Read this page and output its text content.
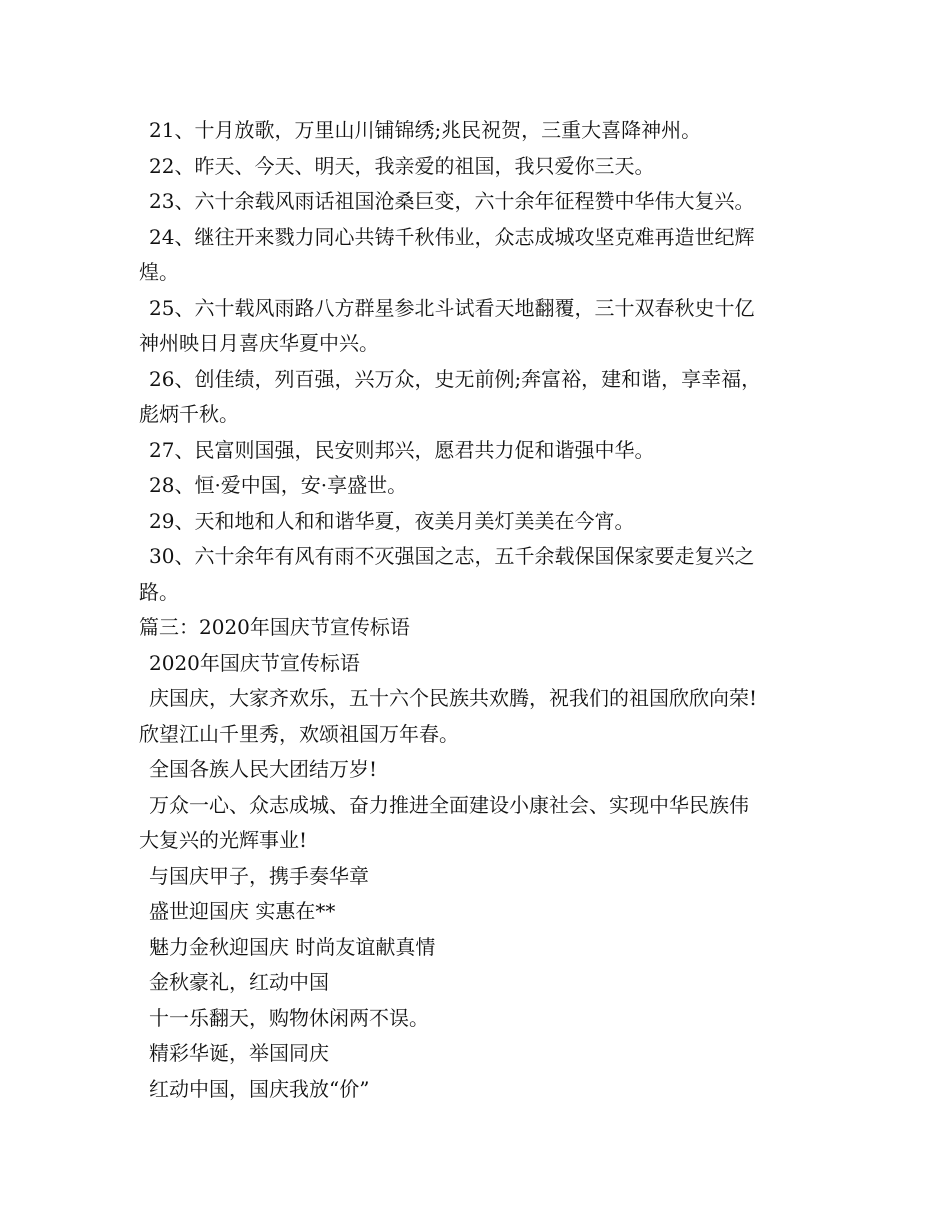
21、十月放歌，万里山川铺锦绣;兆民祝贺，三重大喜降神州。
22、昨天、今天、明天，我亲爱的祖国，我只爱你三天。
23、六十余载风雨话祖国沧桑巨变，六十余年征程赞中华伟大复兴。
24、继往开来戮力同心共铸千秋伟业，众志成城攻坚克难再造世纪辉
煌。
25、六十载风雨路八方群星参北斗试看天地翻覆，三十双春秋史十亿
神州映日月喜庆华夏中兴。
26、创佳绩，列百强，兴万众，史无前例;奔富裕，建和谐，享幸福，
彪炳千秋。
27、民富则国强，民安则邦兴，愿君共力促和谐强中华。
28、恒·爱中国，安·享盛世。
29、天和地和人和和谐华夏，夜美月美灯美美在今宵。
30、六十余年有风有雨不灭强国之志，五千余载保国保家要走复兴之
路。
篇三：2020年国庆节宣传标语
2020年国庆节宣传标语
庆国庆，大家齐欢乐，五十六个民族共欢腾，祝我们的祖国欣欣向荣!
欣望江山千里秀，欢颂祖国万年春。
全国各族人民大团结万岁!
万众一心、众志成城、奋力推进全面建设小康社会、实现中华民族伟
大复兴的光辉事业!
与国庆甲子，携手奏华章
盛世迎国庆 实惠在**
魅力金秋迎国庆 时尚友谊献真情
金秋豪礼，红动中国
十一乐翻天，购物休闲两不误。
精彩华诞，举国同庆
红动中国，国庆我放“价”
